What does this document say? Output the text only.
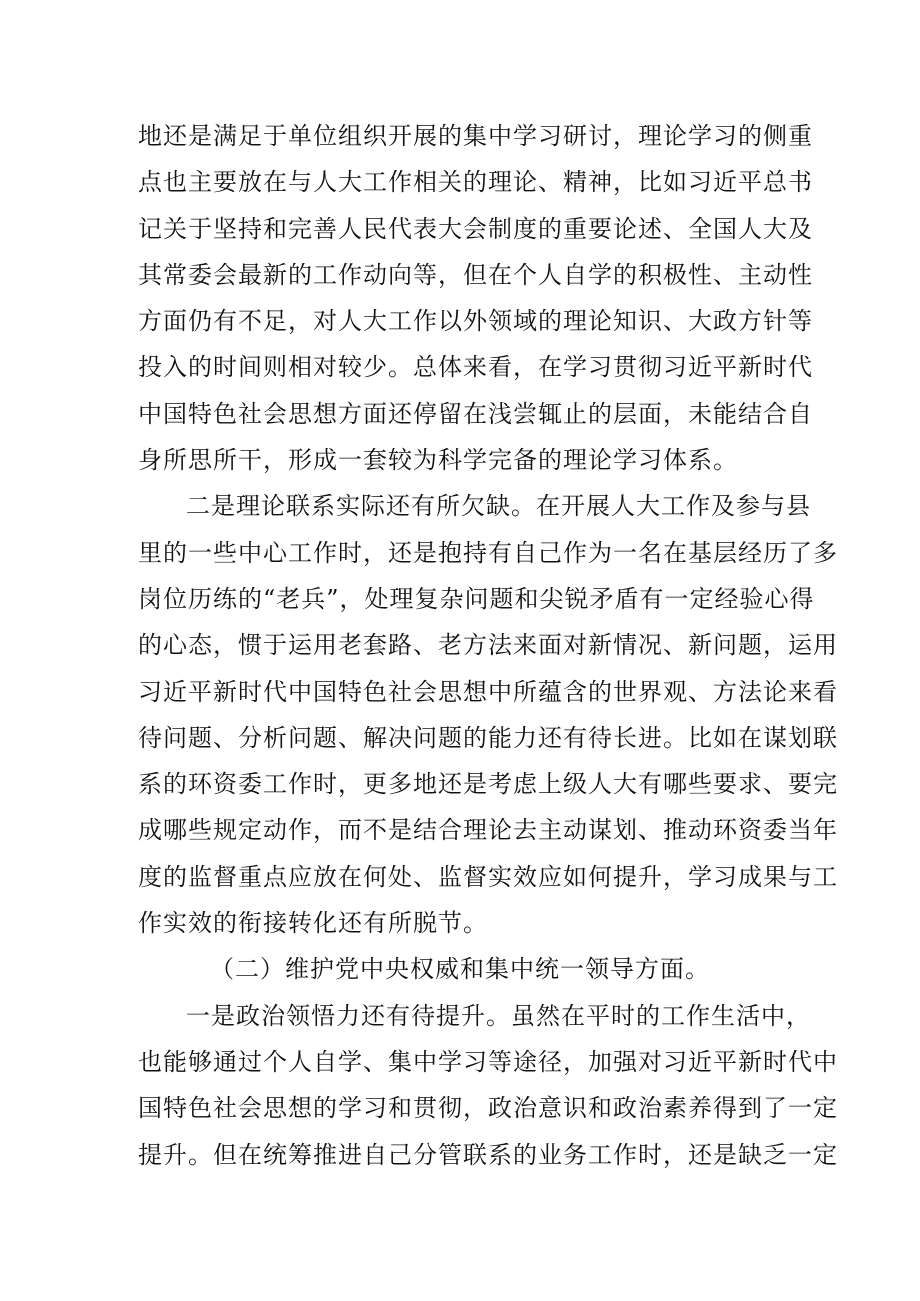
地还是满足于单位组织开展的集中学习研讨，理论学习的侧重
点也主要放在与人大工作相关的理论、精神，比如习近平总书
记关于坚持和完善人民代表大会制度的重要论述、全国人大及
其常委会最新的工作动向等，但在个人自学的积极性、主动性
方面仍有不足，对人大工作以外领域的理论知识、大政方针等
投入的时间则相对较少。总体来看，在学习贯彻习近平新时代
中国特色社会思想方面还停留在浅尝辄止的层面，未能结合自
身所思所干，形成一套较为科学完备的理论学习体系。
二是理论联系实际还有所欠缺。在开展人大工作及参与县
里的一些中心工作时，还是抱持有自己作为一名在基层经历了多
岗位历练的“老兵”，处理复杂问题和尖锐矛盾有一定经验心得
的心态，惯于运用老套路、老方法来面对新情况、新问题，运用
习近平新时代中国特色社会思想中所蕴含的世界观、方法论来看
待问题、分析问题、解决问题的能力还有待长进。比如在谋划联
系的环资委工作时，更多地还是考虑上级人大有哪些要求、要完
成哪些规定动作，而不是结合理论去主动谋划、推动环资委当年
度的监督重点应放在何处、监督实效应如何提升，学习成果与工
作实效的衔接转化还有所脱节。
（二）维护党中央权威和集中统一领导方面。
一是政治领悟力还有待提升。虽然在平时的工作生活中，
也能够通过个人自学、集中学习等途径，加强对习近平新时代中
国特色社会思想的学习和贯彻，政治意识和政治素养得到了一定
提升。但在统筹推进自己分管联系的业务工作时，还是缺乏一定
